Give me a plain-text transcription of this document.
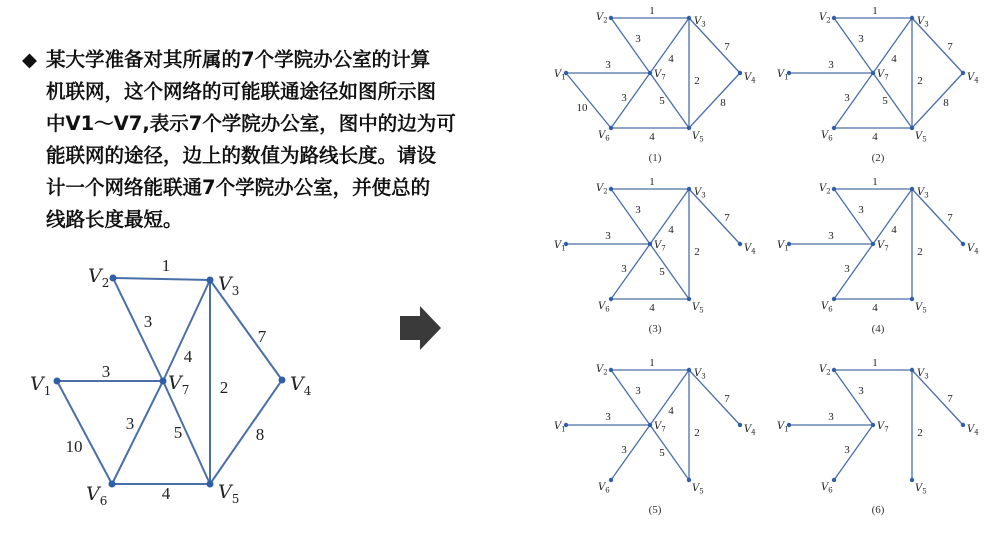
◆ 某大学准备对其所属的7个学院办公室的计算
机联网，这个网络的可能联通途径如图所示图
中V1～V7,表示7个学院办公室，图中的边为可
能联网的途径，边上的数值为路线长度。请设
计一个网络能联通7个学院办公室，并使总的
线路长度最短。
1
3
4
7
3
2
3 5	8
10
4
$V_1$
$V_2$	$V_3$
$V_4$
$V_5$
$V_6$
$V_7$
1
3
4
7
3
2
3	5	8
10
4
$V_1$
$V_2$	$V_3$
$V_4$
$V_5$
$V_6$
$V_7$
(1)
1
3
4
7
3
2
3	5	8
4
$V_1$
$V_2$	$V_3$
$V_4$
$V_5$
$V_6$
$V_7$
(2)
1
3
4
7
3
2
3	5
4
$V_1$
$V_2$	$V_3$
$V_4$
$V_5$
$V_6$
$V_7$
(3)
1
3
4
7
3
2
3
4
$V_1$
$V_2$	$V_3$
$V_4$
$V_5$
$V_6$
$V_7$
(4)
1
3
4
7
3
2
3	5
$V_1$
$V_2$	$V_3$
$V_4$
$V_5$
$V_6$
$V_7$
(5)
1
3
7
3
2
3
$V_1$
$V_2$	$V_3$
$V_4$
$V_5$
$V_6$
$V_7$
(6)
